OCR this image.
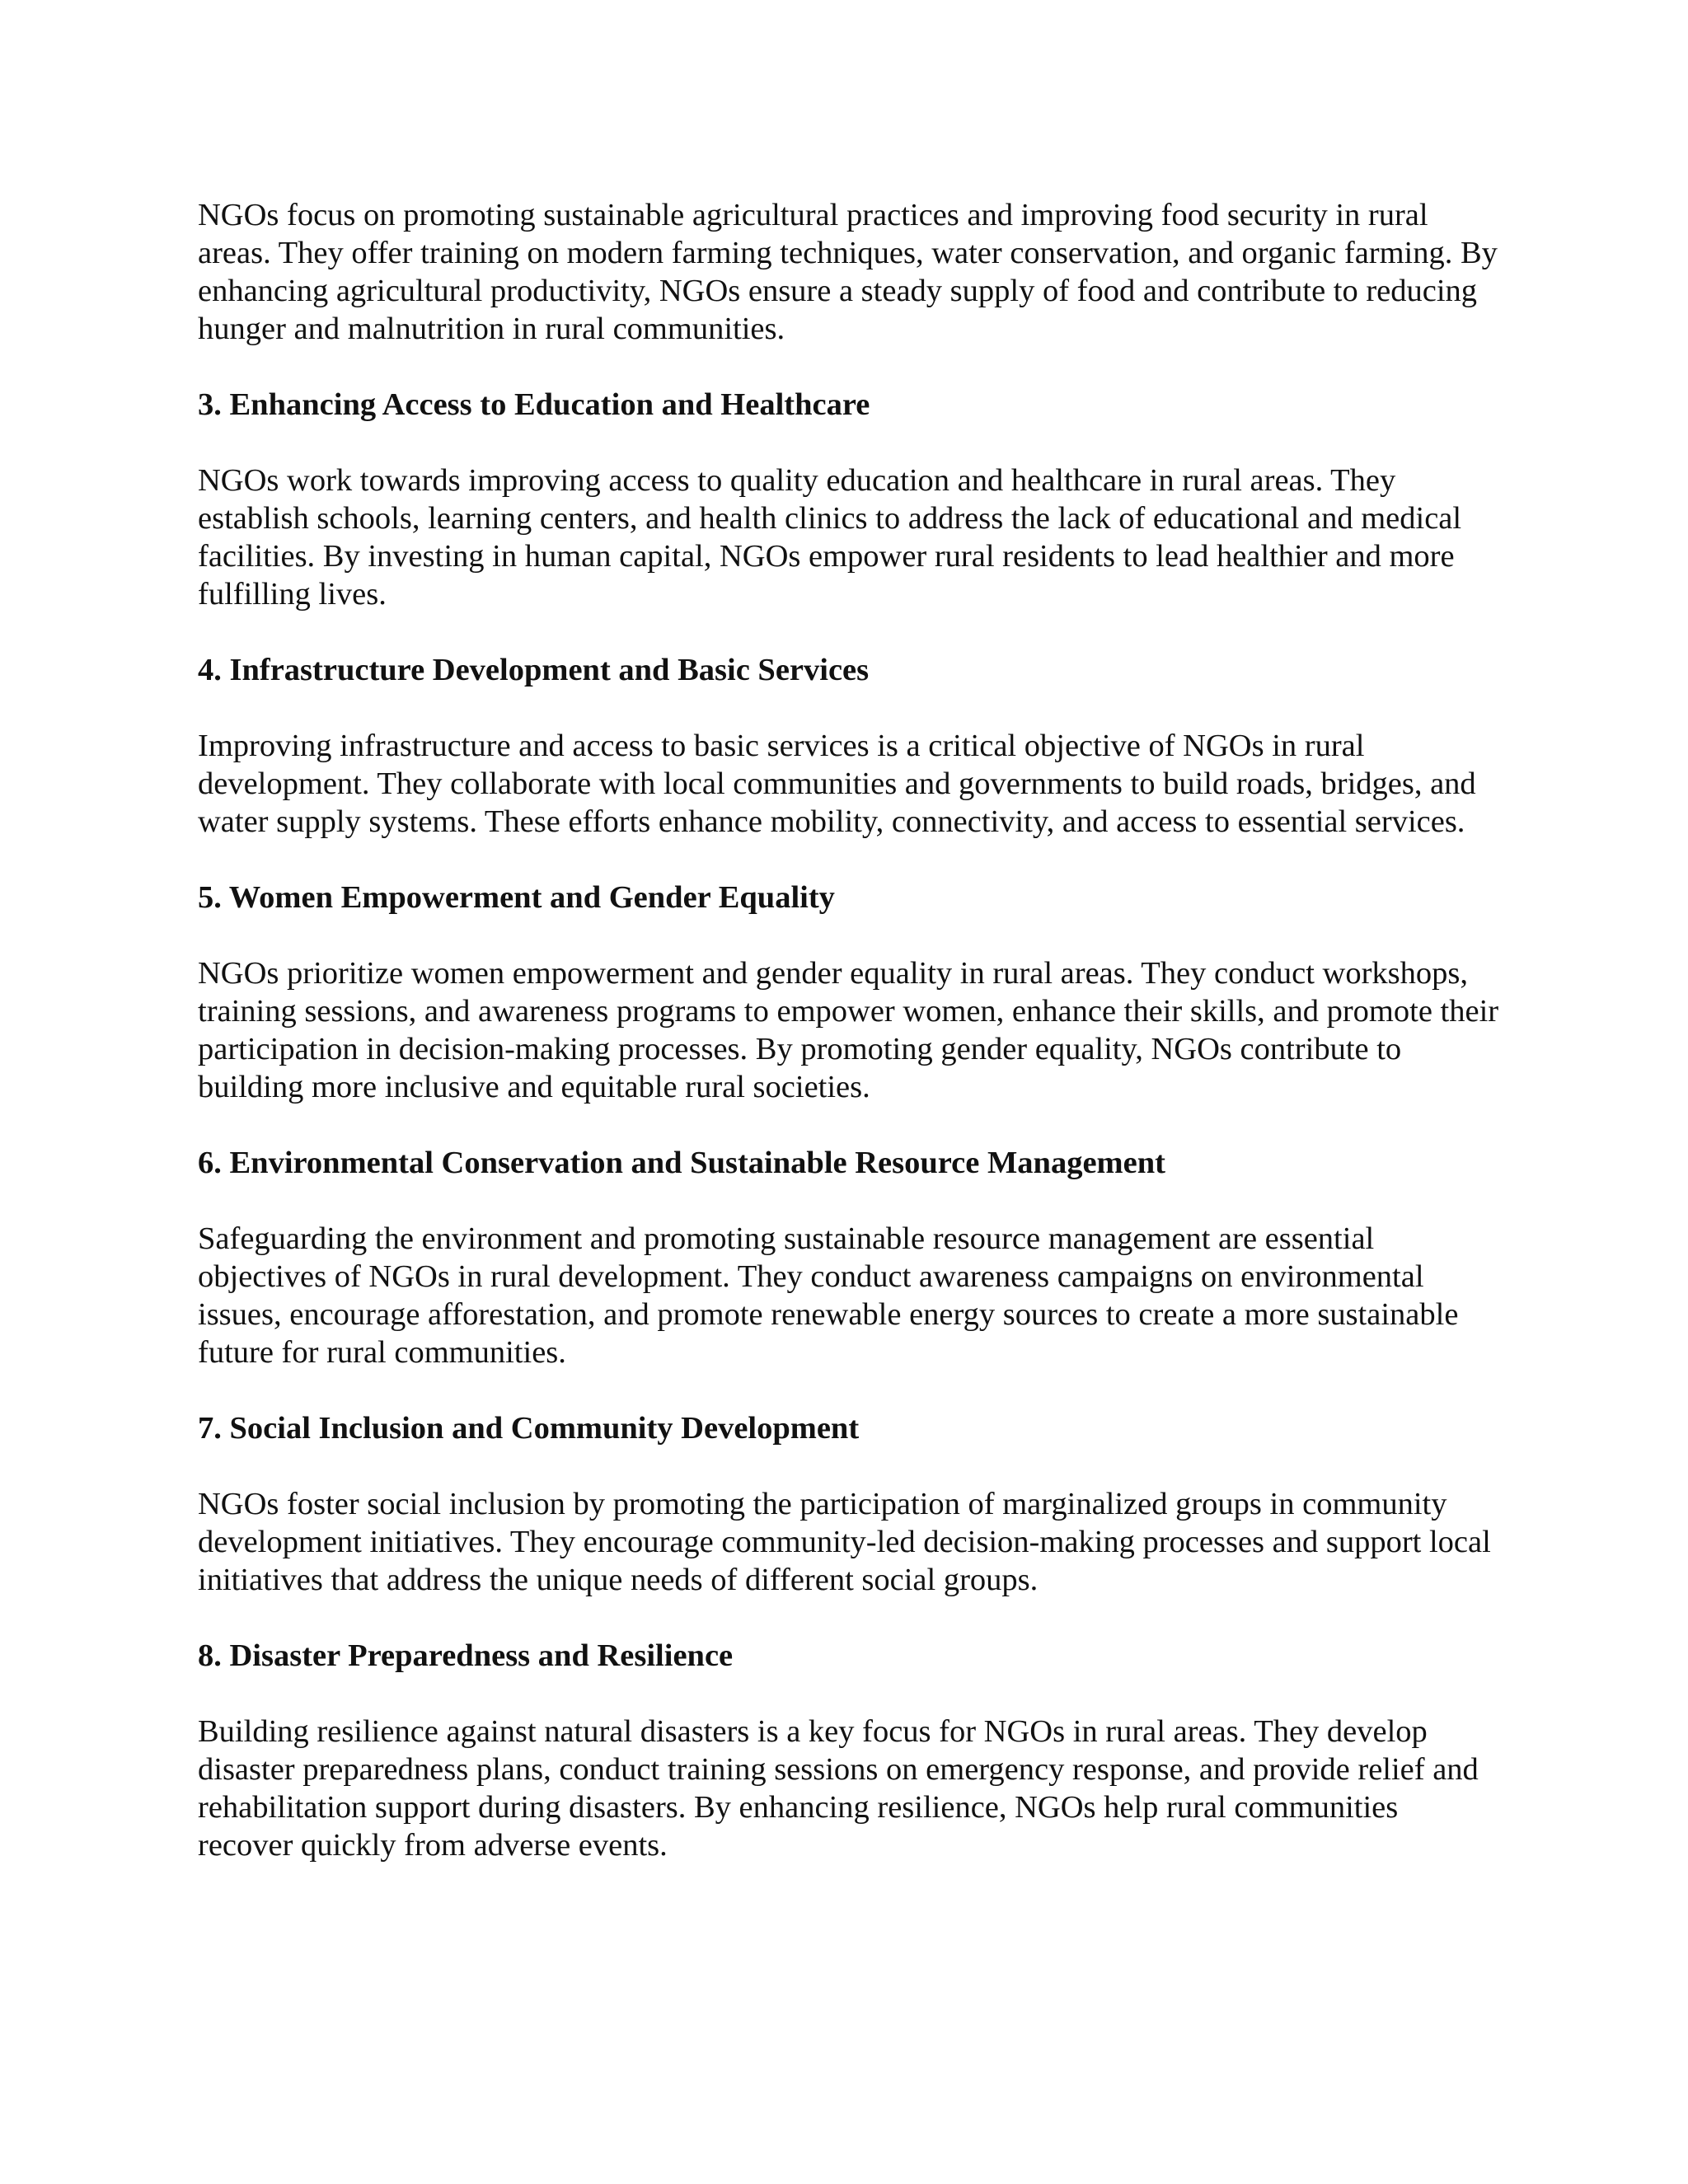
NGOs focus on promoting sustainable agricultural practices and improving food security in rural areas. They offer training on modern farming techniques, water conservation, and organic farming. By enhancing agricultural productivity, NGOs ensure a steady supply of food and contribute to reducing hunger and malnutrition in rural communities.

3. Enhancing Access to Education and Healthcare

NGOs work towards improving access to quality education and healthcare in rural areas. They establish schools, learning centers, and health clinics to address the lack of educational and medical facilities. By investing in human capital, NGOs empower rural residents to lead healthier and more fulfilling lives.

4. Infrastructure Development and Basic Services

Improving infrastructure and access to basic services is a critical objective of NGOs in rural development. They collaborate with local communities and governments to build roads, bridges, and water supply systems. These efforts enhance mobility, connectivity, and access to essential services.

5. Women Empowerment and Gender Equality

NGOs prioritize women empowerment and gender equality in rural areas. They conduct workshops, training sessions, and awareness programs to empower women, enhance their skills, and promote their participation in decision-making processes. By promoting gender equality, NGOs contribute to building more inclusive and equitable rural societies.

6. Environmental Conservation and Sustainable Resource Management

Safeguarding the environment and promoting sustainable resource management are essential objectives of NGOs in rural development. They conduct awareness campaigns on environmental issues, encourage afforestation, and promote renewable energy sources to create a more sustainable future for rural communities.

7. Social Inclusion and Community Development

NGOs foster social inclusion by promoting the participation of marginalized groups in community development initiatives. They encourage community-led decision-making processes and support local initiatives that address the unique needs of different social groups.

8. Disaster Preparedness and Resilience

Building resilience against natural disasters is a key focus for NGOs in rural areas. They develop disaster preparedness plans, conduct training sessions on emergency response, and provide relief and rehabilitation support during disasters. By enhancing resilience, NGOs help rural communities recover quickly from adverse events.
